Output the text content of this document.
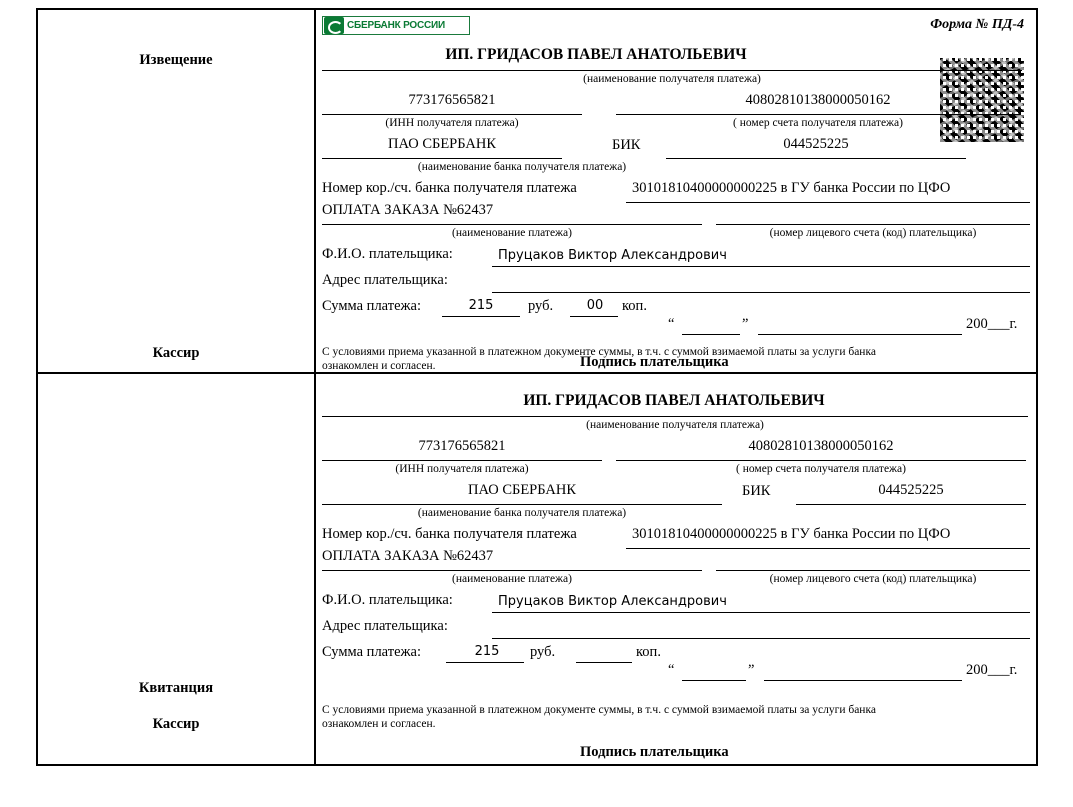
Извещение
Кассир
СБЕРБАНК РОССИИ	Форма № ПД-4
ИП. ГРИДАСОВ ПАВЕЛ АНАТОЛЬЕВИЧ
(наименование получателя платежа)
773176565821	40802810138000050162
(ИНН получателя платежа)	( номер счета получателя платежа)
ПАО СБЕРБАНК	БИК	044525225
(наименование банка получателя платежа)
Номер кор./сч. банка получателя платежа	30101810400000000225 в ГУ банка России по ЦФО
ОПЛАТА ЗАКАЗА №62437
(наименование платежа)	(номер лицевого счета (код) плательщика)
Ф.И.О. плательщика:	Пруцаков Виктор Александрович
Адрес плательщика:
Сумма платежа:	215	руб.	00	коп.
“	”	200___г.
С условиями приема указанной в платежном документе суммы, в т.ч. с суммой взимаемой платы за услуги банка
ознакомлен и согласен.	Подпись плательщика
Квитанция
Кассир
ИП. ГРИДАСОВ ПАВЕЛ АНАТОЛЬЕВИЧ
(наименование получателя платежа)
773176565821	40802810138000050162
(ИНН получателя платежа)	( номер счета получателя платежа)
ПАО СБЕРБАНК	БИК	044525225
(наименование банка получателя платежа)
Номер кор./сч. банка получателя платежа	30101810400000000225 в ГУ банка России по ЦФО
ОПЛАТА ЗАКАЗА №62437
(наименование платежа)	(номер лицевого счета (код) плательщика)
Ф.И.О. плательщика:	Пруцаков Виктор Александрович
Адрес плательщика:
Сумма платежа:	215	руб.	коп.
“	”	200___г.
С условиями приема указанной в платежном документе суммы, в т.ч. с суммой взимаемой платы за услуги банка
ознакомлен и согласен.
Подпись плательщика
